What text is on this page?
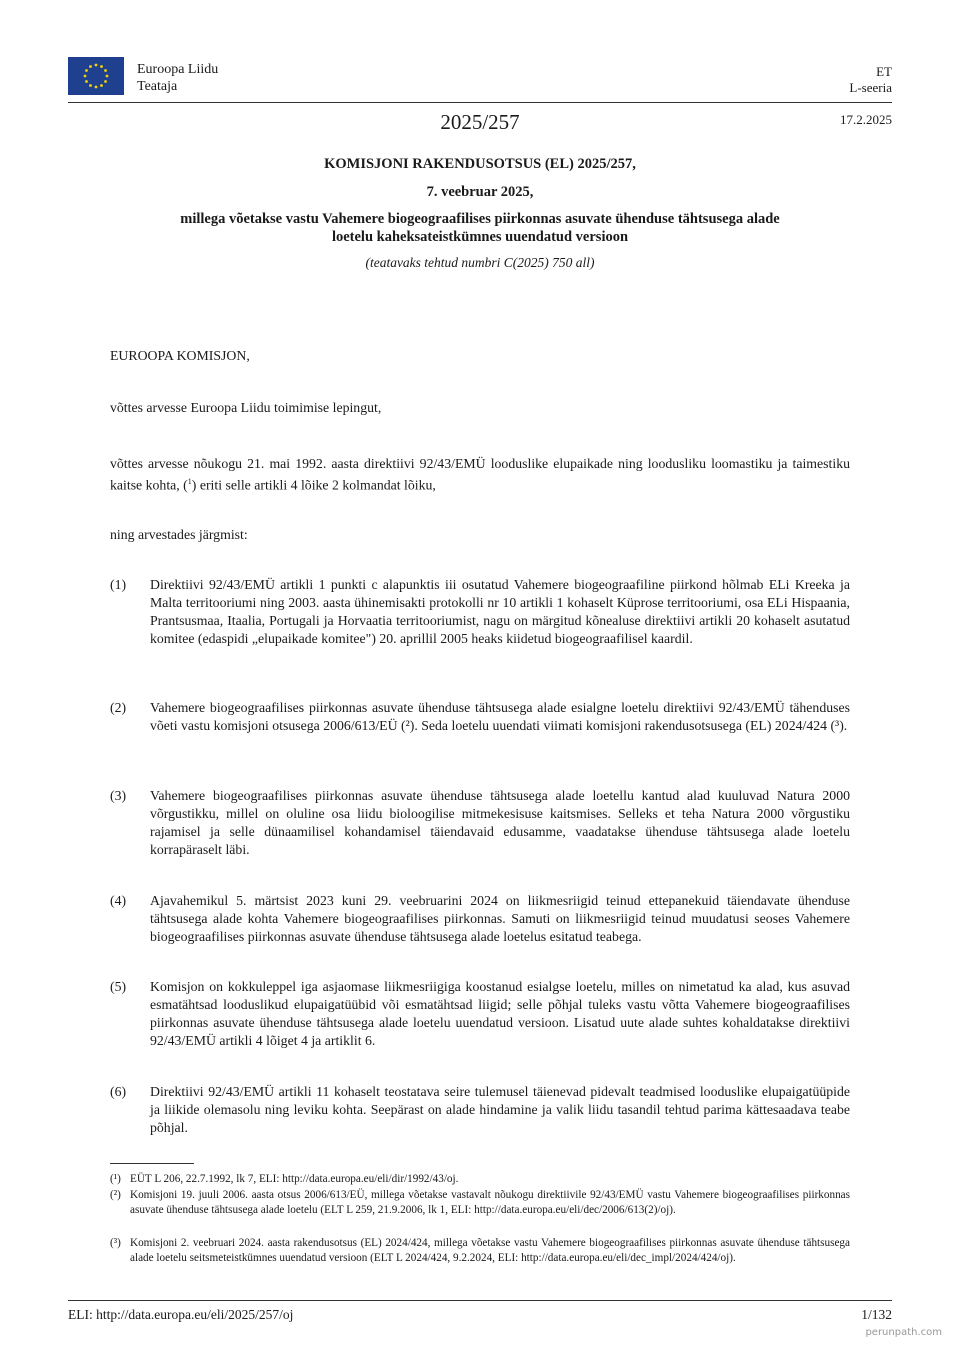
Euroopa Liidu
Teataja
ET
L-seeria
2025/257	17.2.2025
KOMISJONI RAKENDUSOTSUS (EL) 2025/257,
7. veebruar 2025,
millega võetakse vastu Vahemere biogeograafilises piirkonnas asuvate ühenduse tähtsusega alade loetelu kaheksateistkümnes uuendatud versioon
(teatavaks tehtud numbri C(2025) 750 all)
EUROOPA KOMISJON,
võttes arvesse Euroopa Liidu toimimise lepingut,
võttes arvesse nõukogu 21. mai 1992. aasta direktiivi 92/43/EMÜ looduslike elupaikade ning loodusliku loomastiku ja taimestiku kaitse kohta, ($^1$) eriti selle artikli 4 lõike 2 kolmandat lõiku,
ning arvestades järgmist:
(1) Direktiivi 92/43/EMÜ artikli 1 punkti c alapunktis iii osutatud Vahemere biogeograafiline piirkond hõlmab ELi Kreeka ja Malta territooriumi ning 2003. aasta ühinemisakti protokolli nr 10 artikli 1 kohaselt Küprose territooriumi, osa ELi Hispaania, Prantsusmaa, Itaalia, Portugali ja Horvaatia territooriumist, nagu on märgitud kõnealuse direktiivi artikli 20 kohaselt asutatud komitee (edaspidi „elupaikade komitee") 20. aprillil 2005 heaks kiidetud biogeograafilisel kaardil.
(2) Vahemere biogeograafilises piirkonnas asuvate ühenduse tähtsusega alade esialgne loetelu direktiivi 92/43/EMÜ tähenduses võeti vastu komisjoni otsusega 2006/613/EÜ (²). Seda loetelu uuendati viimati komisjoni rakendusotsusega (EL) 2024/424 (³).
(3) Vahemere biogeograafilises piirkonnas asuvate ühenduse tähtsusega alade loetellu kantud alad kuuluvad Natura 2000 võrgustikku, millel on oluline osa liidu bioloogilise mitmekesisuse kaitsmises. Selleks et teha Natura 2000 võrgustiku rajamisel ja selle dünaamilisel kohandamisel täiendavaid edusamme, vaadatakse ühenduse tähtsusega alade loetelu korrapäraselt läbi.
(4) Ajavahemikul 5. märtsist 2023 kuni 29. veebruarini 2024 on liikmesriigid teinud ettepanekuid täiendavate ühenduse tähtsusega alade kohta Vahemere biogeograafilises piirkonnas. Samuti on liikmesriigid teinud muudatusi seoses Vahemere biogeograafilises piirkonnas asuvate ühenduse tähtsusega alade loetelus esitatud teabega.
(5) Komisjon on kokkuleppel iga asjaomase liikmesriigiga koostanud esialgse loetelu, milles on nimetatud ka alad, kus asuvad esmatähtsad looduslikud elupaigatüübid või esmatähtsad liigid; selle põhjal tuleks vastu võtta Vahemere biogeograafilises piirkonnas asuvate ühenduse tähtsusega alade loetelu uuendatud versioon. Lisatud uute alade suhtes kohaldatakse direktiivi 92/43/EMÜ artikli 4 lõiget 4 ja artiklit 6.
(6) Direktiivi 92/43/EMÜ artikli 11 kohaselt teostatava seire tulemusel täienevad pidevalt teadmised looduslike elupaigatüüpide ja liikide olemasolu ning leviku kohta. Seepärast on alade hindamine ja valik liidu tasandil tehtud parima kättesaadava teabe põhjal.
(¹) EÜT L 206, 22.7.1992, lk 7, ELI: http://data.europa.eu/eli/dir/1992/43/oj.
(²) Komisjoni 19. juuli 2006. aasta otsus 2006/613/EÜ, millega võetakse vastavalt nõukogu direktiivile 92/43/EMÜ vastu Vahemere biogeograafilises piirkonnas asuvate ühenduse tähtsusega alade loetelu (ELT L 259, 21.9.2006, lk 1, ELI: http://data.europa.eu/eli/dec/2006/613(2)/oj).
(³) Komisjoni 2. veebruari 2024. aasta rakendusotsus (EL) 2024/424, millega võetakse vastu Vahemere biogeograafilises piirkonnas asuvate ühenduse tähtsusega alade loetelu seitsmeteistkümnes uuendatud versioon (ELT L 2024/424, 9.2.2024, ELI: http://data.europa.eu/eli/dec_impl/2024/424/oj).
ELI: http://data.europa.eu/eli/2025/257/oj	1/132
perunpath.com
